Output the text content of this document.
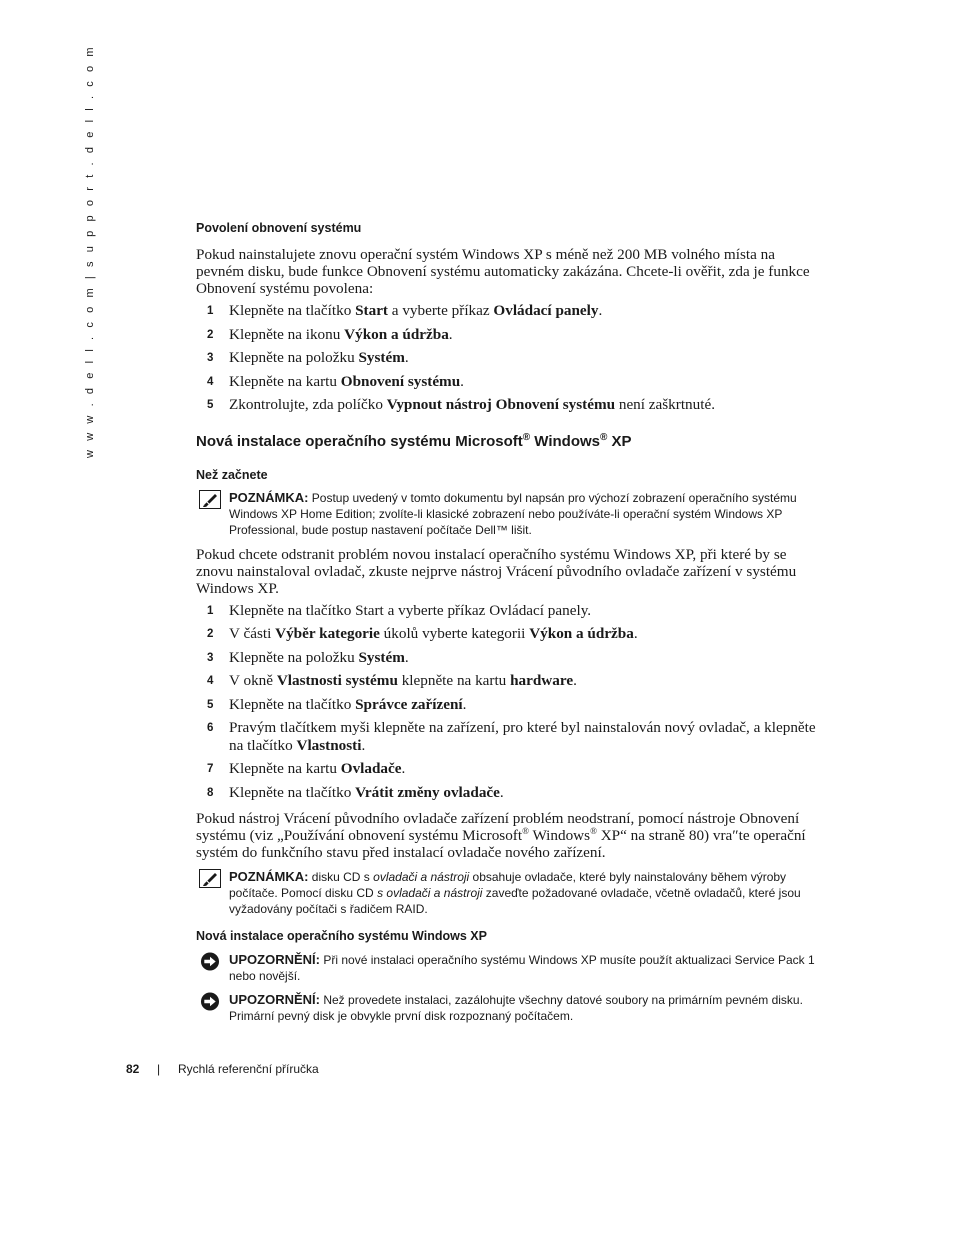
w w w . d e l l . c o m | s u p p o r t . d e l l . c o m	Povolení obnovení systému

Pokud nainstalujete znovu operační systém Windows XP s méně než 200 MB volného místa na pevném disku, bude funkce Obnovení systému automaticky zakázána. Chcete-li ověřit, zda je funkce Obnovení systému povolena:

1 Klepněte na tlačítko Start a vyberte příkaz Ovládací panely.
2 Klepněte na ikonu Výkon a údržba.
3 Klepněte na položku Systém.
4 Klepněte na kartu Obnovení systému.
5 Zkontrolujte, zda políčko Vypnout nástroj Obnovení systému není zaškrtnuté.
Nová instalace operačního systému Microsoft® Windows® XP
Než začnete
POZNÁMKA: Postup uvedený v tomto dokumentu byl napsán pro výchozí zobrazení operačního systému Windows XP Home Edition; zvolíte-li klasické zobrazení nebo používáte-li operační systém Windows XP Professional, bude postup nastavení počítače Dell™ lišit.

Pokud chcete odstranit problém novou instalací operačního systému Windows XP, při které by se znovu nainstaloval ovladač, zkuste nejprve nástroj Vrácení původního ovladače zařízení v systému Windows XP.

1 Klepněte na tlačítko Start a vyberte příkaz Ovládací panely.
2 V části Výběr kategorie úkolů vyberte kategorii Výkon a údržba.
3 Klepněte na položku Systém.
4 V okně Vlastnosti systému klepněte na kartu hardware.
5 Klepněte na tlačítko Správce zařízení.
6 Pravým tlačítkem myši klepněte na zařízení, pro které byl nainstalován nový ovladač, a klepněte na tlačítko Vlastnosti.
7 Klepněte na kartu Ovladače.
8 Klepněte na tlačítko Vrátit změny ovladače.

Pokud nástroj Vrácení původního ovladače zařízení problém neodstraní, pomocí nástroje Obnovení systému (viz „Používání obnovení systému Microsoft® Windows® XP“ na straně 80) vra″te operační systém do funkčního stavu před instalací ovladače nového zařízení.

POZNÁMKA: disku CD s ovladači a nástroji obsahuje ovladače, které byly nainstalovány během výroby počítače. Pomocí disku CD s ovladači a nástroji zaveďte požadované ovladače, včetně ovladačů, které jsou vyžadovány počítači s řadičem RAID.
Nová instalace operačního systému Windows XP
UPOZORNĚNÍ: Při nové instalaci operačního systému Windows XP musíte použít aktualizaci Service Pack 1 nebo novější.
UPOZORNĚNÍ: Než provedete instalaci, zazálohujte všechny datové soubory na primárním pevném disku. Primární pevný disk je obvykle první disk rozpoznaný počítačem.
82 | Rychlá referenční příručka
